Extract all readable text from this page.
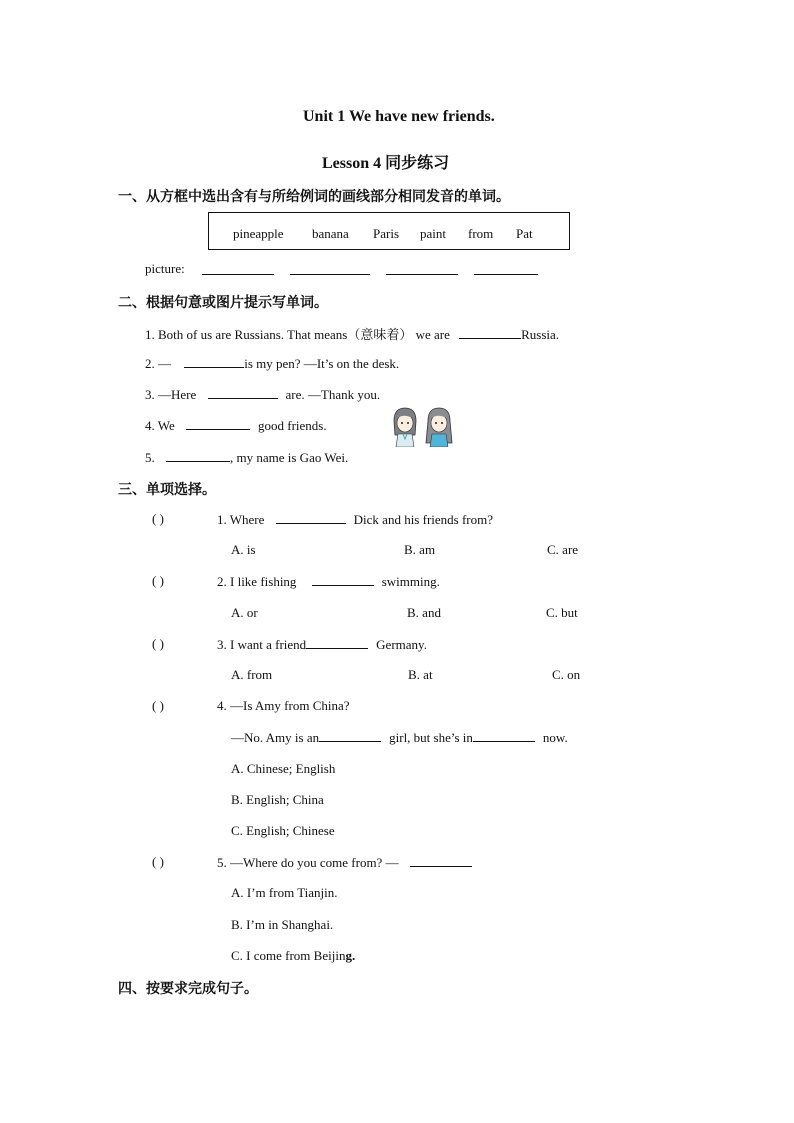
Unit 1 We have new friends.
Lesson 4 同步练习
一、从方框中选出含有与所给例词的画线部分相同发音的单词。
pineapple banana Paris paint from Pat
picture:
二、根据句意或图片提示写单词。
1. Both of us are Russians. That means（意味着） we are	Russia.
2. —	is my pen? —It’s on the desk.
3. —Here	are. —Thank you.
4. We	good friends.
5.	, my name is Gao Wei.
三、单项选择。
( )	1. Where	Dick and his friends from?
A. is	B. am	C. are
( )	2. I like fishing	swimming.
A. or	B. and	C. but
( )	3. I want a friend	Germany.
A. from	B. at	C. on
( )	4. —Is Amy from China?
—No. Amy is an	girl, but she’s in	now.
A. Chinese; English
B. English; China
C. English; Chinese
( )	5. —Where do you come from? —
A. I’m from Tianjin.
B. I’m in Shanghai.
C. I come from Beijing.
四、按要求完成句子。
